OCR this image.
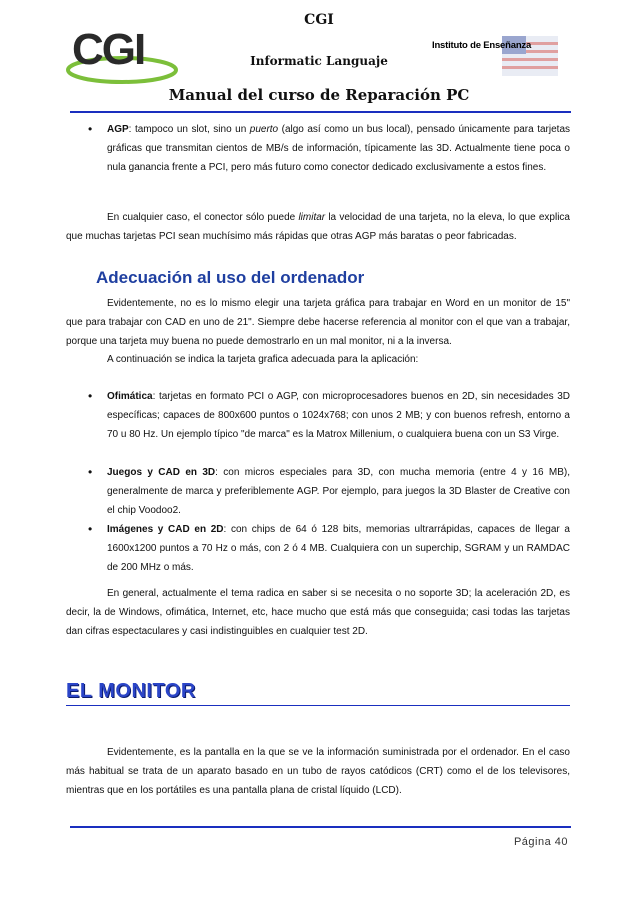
CGI
CGI
Informatic Languaje
Instituto de Enseñanza
Manual del curso de Reparación PC
• AGP: tampoco un slot, sino un puerto (algo así como un bus local), pensado únicamente para tarjetas gráficas que transmitan cientos de MB/s de información, típicamente las 3D. Actualmente tiene poca o nula ganancia frente a PCI, pero más futuro como conector dedicado exclusivamente a estos fines.
En cualquier caso, el conector sólo puede limitar la velocidad de una tarjeta, no la eleva, lo que explica que muchas tarjetas PCI sean muchísimo más rápidas que otras AGP más baratas o peor fabricadas.
Adecuación al uso del ordenador
Evidentemente, no es lo mismo elegir una tarjeta gráfica para trabajar en Word en un monitor de 15" que para trabajar con CAD en uno de 21". Siempre debe hacerse referencia al monitor con el que van a trabajar, porque una tarjeta muy buena no puede demostrarlo en un mal monitor, ni a la inversa.
A continuación se indica la tarjeta grafica adecuada para la aplicación:
• Ofimática: tarjetas en formato PCI o AGP, con microprocesadores buenos en 2D, sin necesidades 3D específicas; capaces de 800x600 puntos o 1024x768; con unos 2 MB; y con buenos refresh, entorno a 70 u 80 Hz. Un ejemplo típico "de marca" es la Matrox Millenium, o cualquiera buena con un S3 Virge.
• Juegos y CAD en 3D: con micros especiales para 3D, con mucha memoria (entre 4 y 16 MB), generalmente de marca y preferiblemente AGP. Por ejemplo, para juegos la 3D Blaster de Creative con el chip Voodoo2.
• Imágenes y CAD en 2D: con chips de 64 ó 128 bits, memorias ultrarrápidas, capaces de llegar a 1600x1200 puntos a 70 Hz o más, con 2 ó 4 MB. Cualquiera con un superchip, SGRAM y un RAMDAC de 200 MHz o más.
En general, actualmente el tema radica en saber si se necesita o no soporte 3D; la aceleración 2D, es decir, la de Windows, ofimática, Internet, etc, hace mucho que está más que conseguida; casi todas las tarjetas dan cifras espectaculares y casi indistinguibles en cualquier test 2D.
EL MONITOR
Evidentemente, es la pantalla en la que se ve la información suministrada por el ordenador. En el caso más habitual se trata de un aparato basado en un tubo de rayos catódicos (CRT) como el de los televisores, mientras que en los portátiles es una pantalla plana de cristal líquido (LCD).
Página 40
